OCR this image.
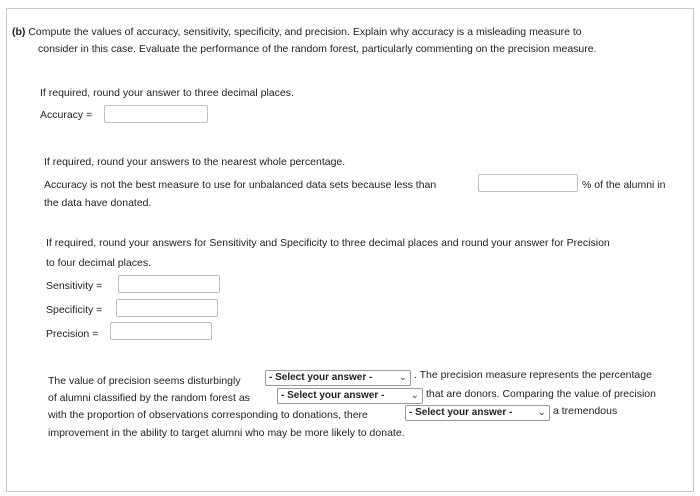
(b) Compute the values of accuracy, sensitivity, specificity, and precision. Explain why accuracy is a misleading measure to
consider in this case. Evaluate the performance of the random forest, particularly commenting on the precision measure.
If required, round your answer to three decimal places.
Accuracy =
If required, round your answers to the nearest whole percentage.
Accuracy is not the best measure to use for unbalanced data sets because less than	% of the alumni in
the data have donated.
If required, round your answers for Sensitivity and Specificity to three decimal places and round your answer for Precision
to four decimal places.
Sensitivity =
Specificity =
Precision =
The value of precision seems disturbingly	- Select your answer -	⌄ . The precision measure represents the percentage
of alumni classified by the random forest as	- Select your answer -	⌄ that are donors. Comparing the value of precision
with the proportion of observations corresponding to donations, there	- Select your answer -	⌄ a tremendous
improvement in the ability to target alumni who may be more likely to donate.
